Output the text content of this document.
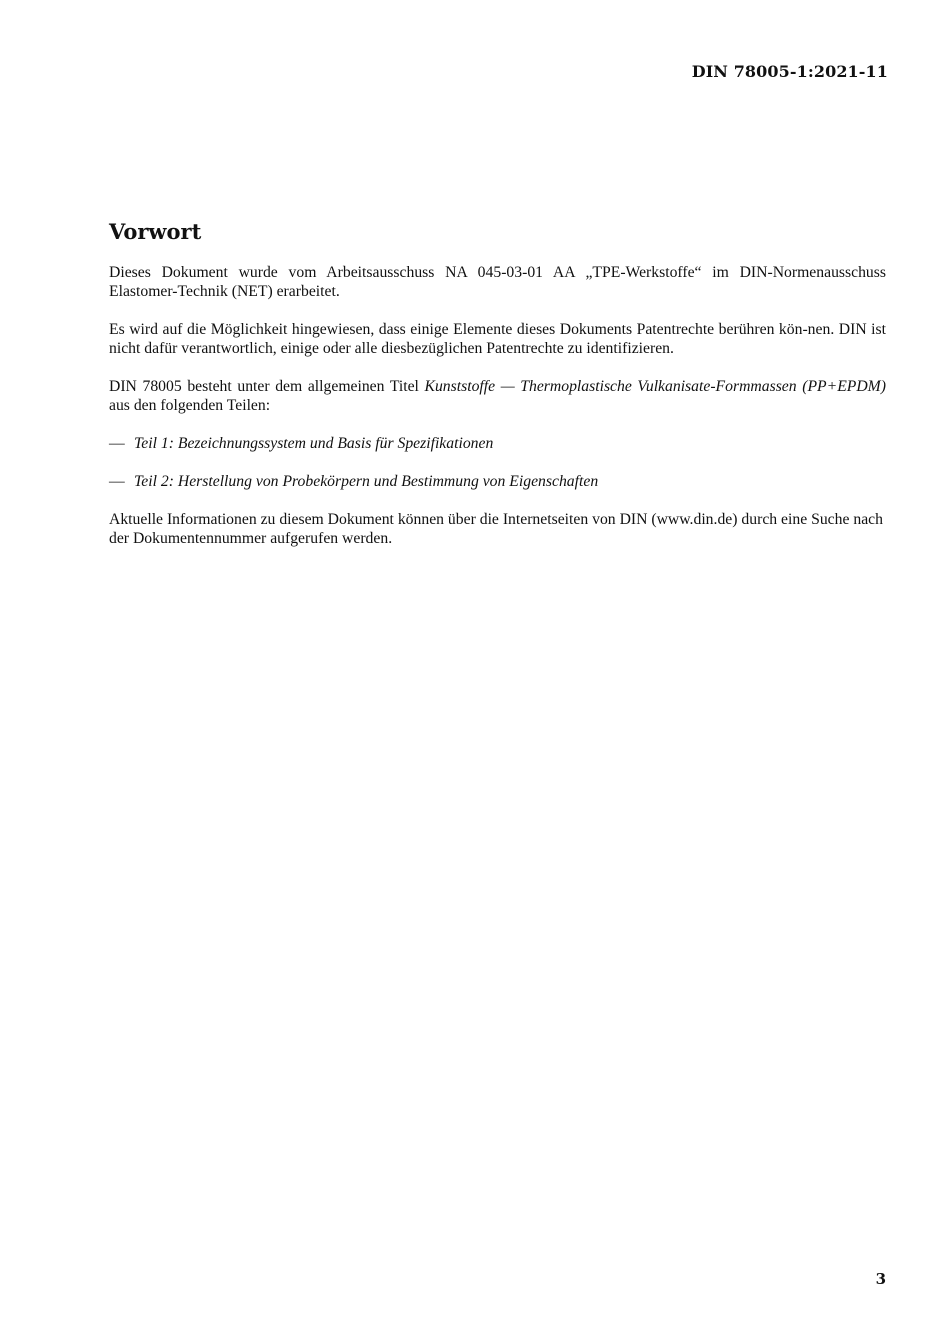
DIN 78005-1:2021-11
Vorwort

Dieses Dokument wurde vom Arbeitsausschuss NA 045-03-01 AA „TPE-Werkstoffe“ im DIN-Normenausschuss Elastomer-Technik (NET) erarbeitet.

Es wird auf die Möglichkeit hingewiesen, dass einige Elemente dieses Dokuments Patentrechte berühren kön-nen. DIN ist nicht dafür verantwortlich, einige oder alle diesbezüglichen Patentrechte zu identifizieren.

DIN 78005 besteht unter dem allgemeinen Titel Kunststoffe — Thermoplastische Vulkanisate-Formmassen (PP+EPDM) aus den folgenden Teilen:

— Teil 1: Bezeichnungssystem und Basis für Spezifikationen
— Teil 2: Herstellung von Probekörpern und Bestimmung von Eigenschaften

Aktuelle Informationen zu diesem Dokument können über die Internetseiten von DIN (www.din.de) durch eine Suche nach der Dokumentennummer aufgerufen werden.

3
